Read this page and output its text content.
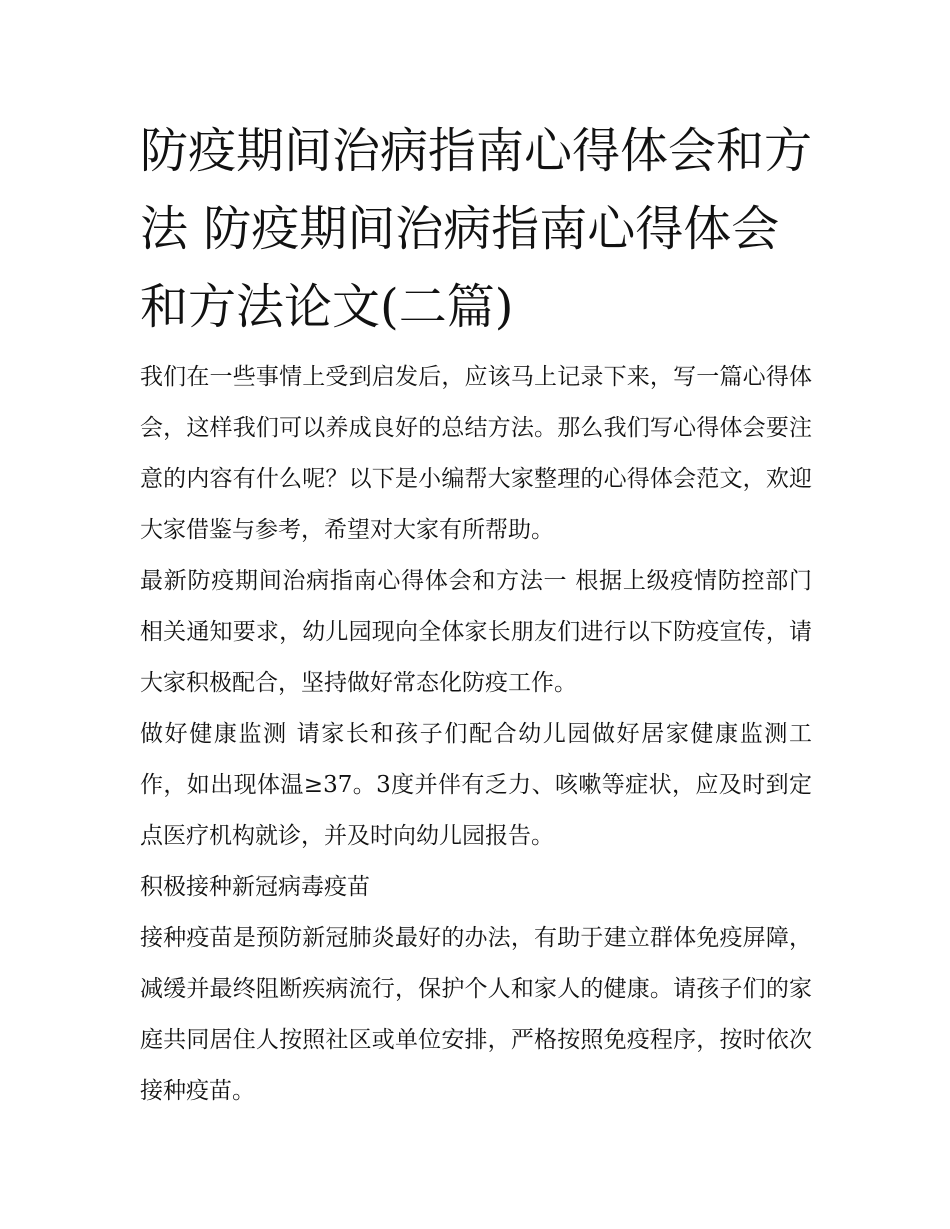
防疫期间治病指南心得体会和方法 防疫期间治病指南心得体会和方法论文(二篇)

我们在一些事情上受到启发后，应该马上记录下来，写一篇心得体会，这样我们可以养成良好的总结方法。那么我们写心得体会要注意的内容有什么呢？以下是小编帮大家整理的心得体会范文，欢迎大家借鉴与参考，希望对大家有所帮助。

最新防疫期间治病指南心得体会和方法一 根据上级疫情防控部门相关通知要求，幼儿园现向全体家长朋友们进行以下防疫宣传，请大家积极配合，坚持做好常态化防疫工作。

做好健康监测 请家长和孩子们配合幼儿园做好居家健康监测工作，如出现体温≥37。3度并伴有乏力、咳嗽等症状，应及时到定点医疗机构就诊，并及时向幼儿园报告。

积极接种新冠病毒疫苗

接种疫苗是预防新冠肺炎最好的办法，有助于建立群体免疫屏障，减缓并最终阻断疾病流行，保护个人和家人的健康。请孩子们的家庭共同居住人按照社区或单位安排，严格按照免疫程序，按时依次接种疫苗。
